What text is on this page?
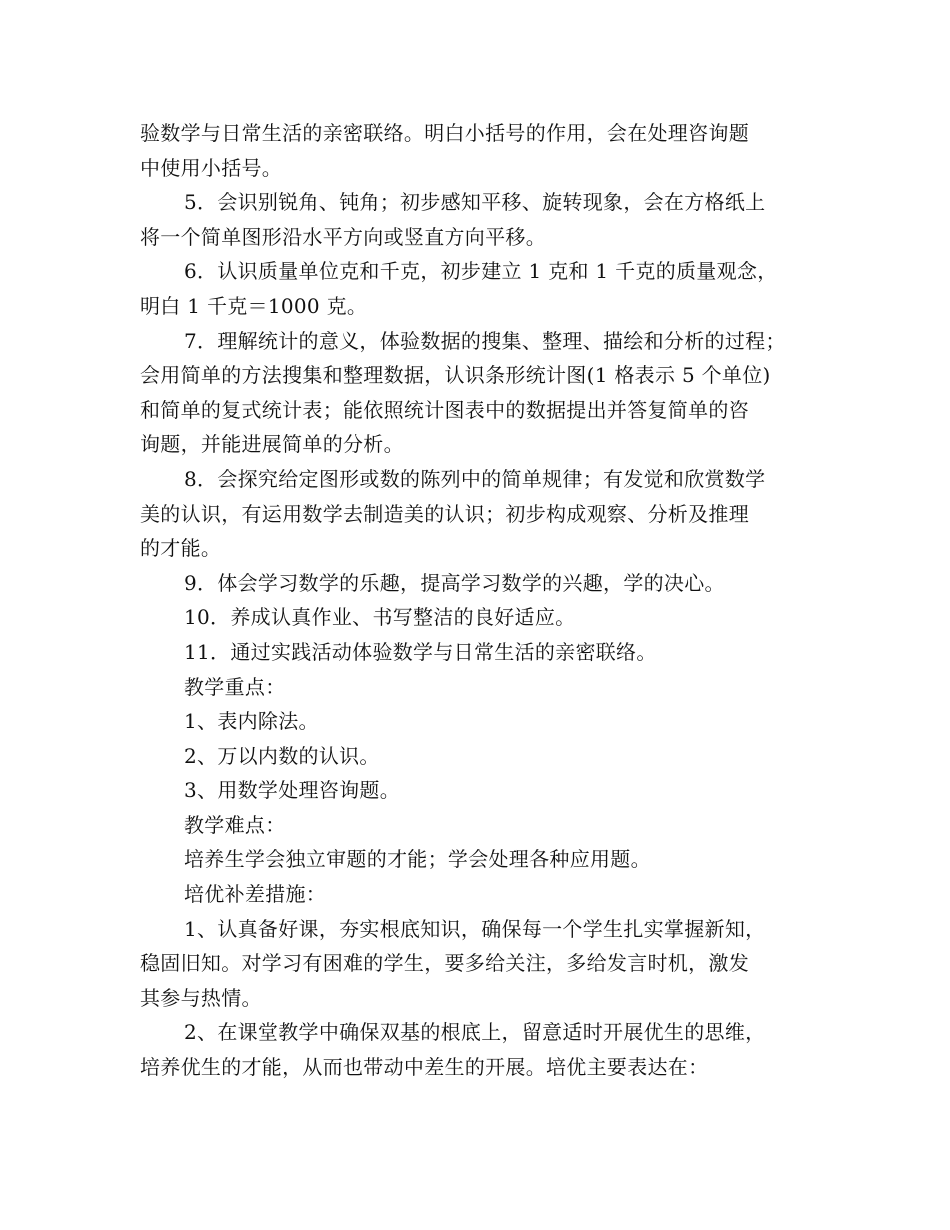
验数学与日常生活的亲密联络。明白小括号的作用，会在处理咨询题
中使用小括号。
5．会识别锐角、钝角；初步感知平移、旋转现象，会在方格纸上
将一个简单图形沿水平方向或竖直方向平移。
6．认识质量单位克和千克，初步建立 1 克和 1 千克的质量观念，
明白 1 千克＝1000 克。
7．理解统计的意义，体验数据的搜集、整理、描绘和分析的过程；
会用简单的方法搜集和整理数据，认识条形统计图(1 格表示 5 个单位)
和简单的复式统计表；能依照统计图表中的数据提出并答复简单的咨
询题，并能进展简单的分析。
8．会探究给定图形或数的陈列中的简单规律；有发觉和欣赏数学
美的认识，有运用数学去制造美的认识；初步构成观察、分析及推理
的才能。
9．体会学习数学的乐趣，提高学习数学的兴趣，学的决心。
10．养成认真作业、书写整洁的良好适应。
11．通过实践活动体验数学与日常生活的亲密联络。
教学重点：
1、表内除法。
2、万以内数的认识。
3、用数学处理咨询题。
教学难点：
培养生学会独立审题的才能；学会处理各种应用题。
培优补差措施：
1、认真备好课，夯实根底知识，确保每一个学生扎实掌握新知，
稳固旧知。对学习有困难的学生，要多给关注，多给发言时机，激发
其参与热情。
2、在课堂教学中确保双基的根底上，留意适时开展优生的思维，
培养优生的才能，从而也带动中差生的开展。培优主要表达在：
